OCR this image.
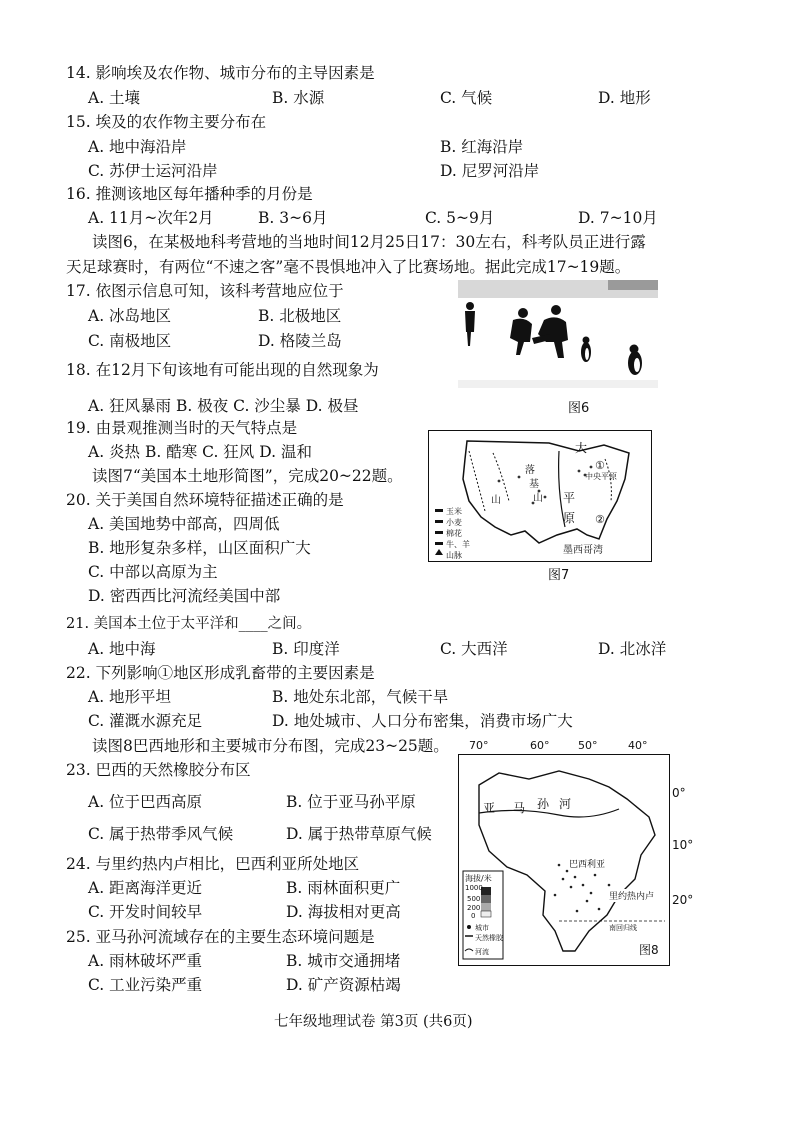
14. 影响埃及农作物、城市分布的主导因素是
A. 土壤	B. 水源	C. 气候	D. 地形
15. 埃及的农作物主要分布在
A. 地中海沿岸	B. 红海沿岸
C. 苏伊士运河沿岸	D. 尼罗河沿岸
16. 推测该地区每年播种季的月份是
A. 11月~次年2月	B. 3~6月	C. 5~9月	D. 7~10月
读图6，在某极地科考营地的当地时间12月25日17：30左右，科考队员正进行露
天足球赛时，有两位“不速之客”毫不畏惧地冲入了比赛场地。据此完成17~19题。
17. 依图示信息可知，该科考营地应位于
A. 冰岛地区	B. 北极地区
C. 南极地区	D. 格陵兰岛
18. 在12月下旬该地有可能出现的自然现象为
A. 狂风暴雨 B. 极夜 C. 沙尘暴 D. 极昼	图6
19. 由景观推测当时的天气特点是
A. 炎热 B. 酷寒 C. 狂风 D. 温和
读图7“美国本土地形简图”，完成20~22题。
大
①
中央平原
平
原 ②
落
基
山
山
墨西哥湾
玉米
小麦
棉花
牛、羊
山脉
图7
20. 关于美国自然环境特征描述正确的是
A. 美国地势中部高，四周低
B. 地形复杂多样，山区面积广大
C. 中部以高原为主
D. 密西西比河流经美国中部
21. 美国本土位于太平洋和____之间。
A. 地中海	B. 印度洋	C. 大西洋	D. 北冰洋
22. 下列影响①地区形成乳畜带的主要因素是
A. 地形平坦	B. 地处东北部，气候干旱
C. 灌溉水源充足	D. 地处城市、人口分布密集，消费市场广大
读图8巴西地形和主要城市分布图，完成23~25题。 70°	60°	50°	40°
亚 马 孙 河
巴西利亚
里约热内卢
南回归线
海拔/米
1000
500
200
0
城市
天然橡胶
河流	图8
0°
10°
20°
23. 巴西的天然橡胶分布区
A. 位于巴西高原	B. 位于亚马孙平原
C. 属于热带季风气候	D. 属于热带草原气候
24. 与里约热内卢相比，巴西利亚所处地区
A. 距离海洋更近	B. 雨林面积更广
C. 开发时间较早	D. 海拔相对更高
25. 亚马孙河流域存在的主要生态环境问题是
A. 雨林破坏严重	B. 城市交通拥堵
C. 工业污染严重	D. 矿产资源枯竭
七年级地理试卷 第3页 (共6页)
